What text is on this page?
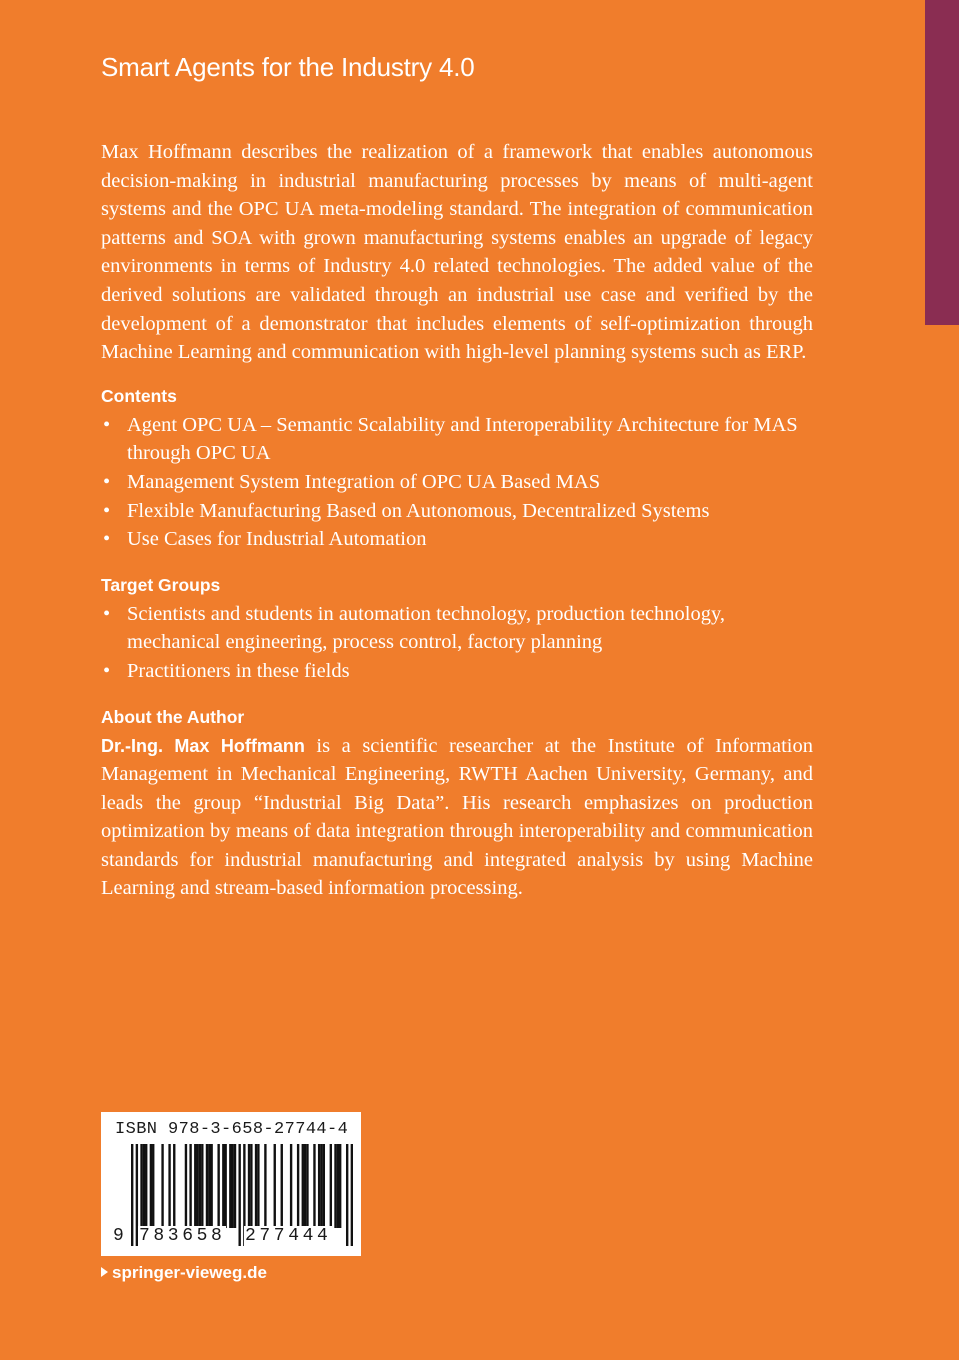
Smart Agents for the Industry 4.0

Max Hoffmann describes the realization of a framework that enables autonomous decision-making in industrial manufacturing processes by means of multi-agent systems and the OPC UA meta-modeling standard. The integration of communication patterns and SOA with grown manufacturing systems enables an upgrade of legacy environments in terms of Industry 4.0 related technologies. The added value of the derived solutions are validated through an industrial use case and verified by the development of a demonstrator that includes elements of self-optimization through Machine Learning and communication with high-level planning systems such as ERP.

Contents
• Agent OPC UA – Semantic Scalability and Interoperability Architecture for MAS through OPC UA
• Management System Integration of OPC UA Based MAS
• Flexible Manufacturing Based on Autonomous, Decentralized Systems
• Use Cases for Industrial Automation
Target Groups
• Scientists and students in automation technology, production technology, mechanical engineering, process control, factory planning
• Practitioners in these fields
About the Author

Dr.-Ing. Max Hoffmann is a scientific researcher at the Institute of Information Management in Mechanical Engineering, RWTH Aachen University, Germany, and leads the group “Industrial Big Data”. His research emphasizes on production optimization by means of data integration through interoperability and communication standards for industrial manufacturing and integrated analysis by using Machine Learning and stream-based information processing.

ISBN 978-3-658-27744-4
9 783658 277444
springer-vieweg.de
